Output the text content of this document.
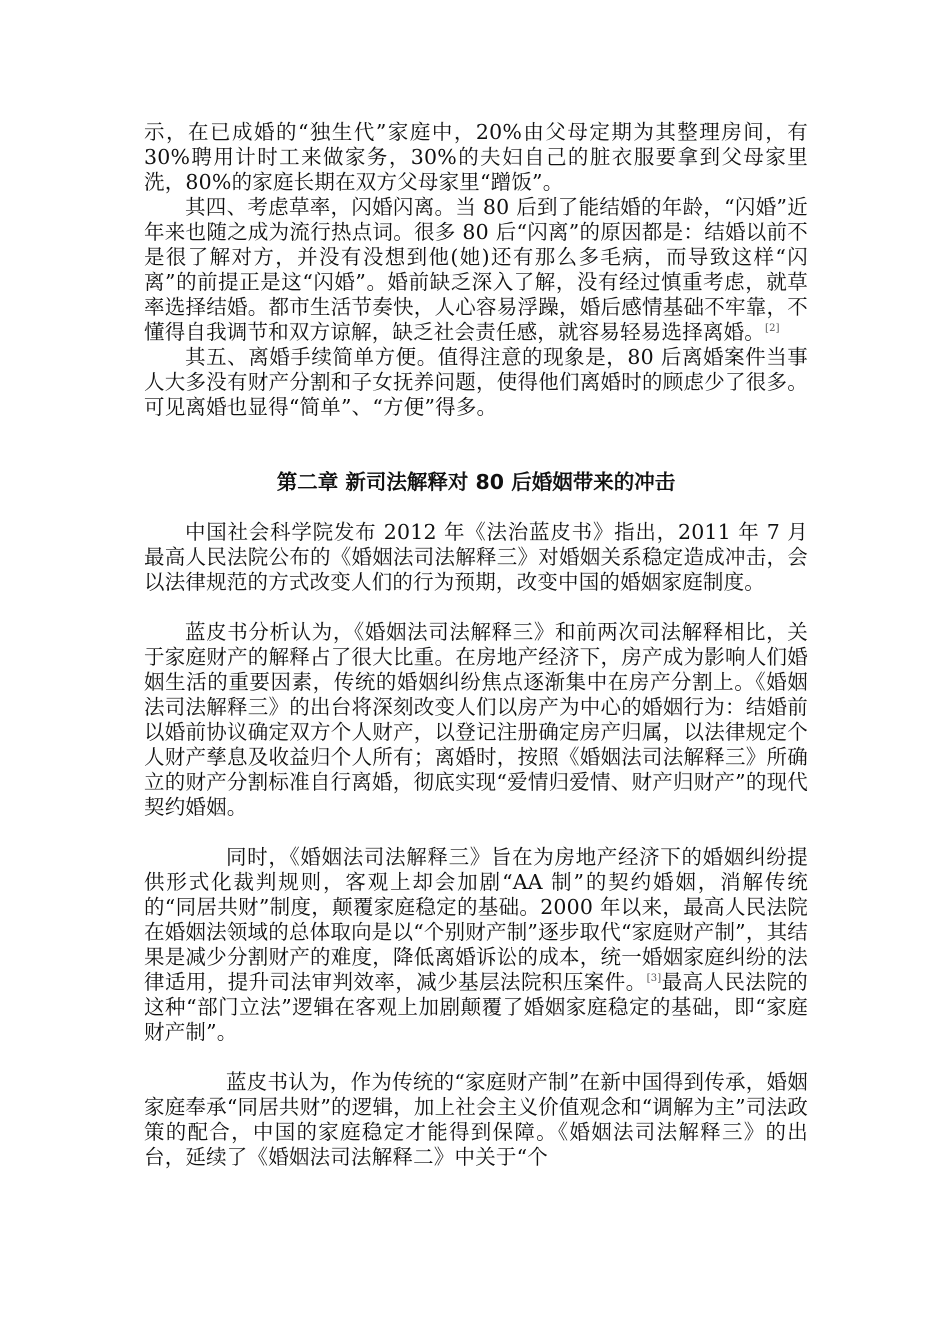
示，在已成婚的“独生代”家庭中，20%由父母定期为其整理房间，有 30%聘用计时工来做家务，30%的夫妇自己的脏衣服要拿到父母家里洗，80%的家庭长期在双方父母家里“蹭饭”。

其四、考虑草率，闪婚闪离。当 80 后到了能结婚的年龄，“闪婚”近年来也随之成为流行热点词。很多 80 后“闪离”的原因都是：结婚以前不是很了解对方，并没有没想到他(她)还有那么多毛病，而导致这样“闪离”的前提正是这“闪婚”。婚前缺乏深入了解，没有经过慎重考虑，就草率选择结婚。都市生活节奏快，人心容易浮躁，婚后感情基础不牢靠，不懂得自我调节和双方谅解，缺乏社会责任感，就容易轻易选择离婚。[2]

其五、离婚手续简单方便。值得注意的现象是，80 后离婚案件当事人大多没有财产分割和子女抚养问题，使得他们离婚时的顾虑少了很多。可见离婚也显得“简单”、“方便”得多。

第二章 新司法解释对 80 后婚姻带来的冲击

中国社会科学院发布 2012 年《法治蓝皮书》指出，2011 年 7 月最高人民法院公布的《婚姻法司法解释三》对婚姻关系稳定造成冲击，会以法律规范的方式改变人们的行为预期，改变中国的婚姻家庭制度。

蓝皮书分析认为，《婚姻法司法解释三》和前两次司法解释相比，关于家庭财产的解释占了很大比重。在房地产经济下，房产成为影响人们婚姻生活的重要因素，传统的婚姻纠纷焦点逐渐集中在房产分割上。《婚姻法司法解释三》的出台将深刻改变人们以房产为中心的婚姻行为：结婚前以婚前协议确定双方个人财产，以登记注册确定房产归属，以法律规定个人财产孳息及收益归个人所有；离婚时，按照《婚姻法司法解释三》所确立的财产分割标准自行离婚，彻底实现“爱情归爱情、财产归财产”的现代契约婚姻。

同时，《婚姻法司法解释三》旨在为房地产经济下的婚姻纠纷提供形式化裁判规则，客观上却会加剧“AA 制”的契约婚姻，消解传统的“同居共财”制度，颠覆家庭稳定的基础。2000 年以来，最高人民法院在婚姻法领域的总体取向是以“个别财产制”逐步取代“家庭财产制”，其结果是减少分割财产的难度，降低离婚诉讼的成本，统一婚姻家庭纠纷的法律适用，提升司法审判效率，减少基层法院积压案件。[3]最高人民法院的这种“部门立法”逻辑在客观上加剧颠覆了婚姻家庭稳定的基础，即“家庭财产制”。

蓝皮书认为，作为传统的“家庭财产制”在新中国得到传承，婚姻家庭奉承“同居共财”的逻辑，加上社会主义价值观念和“调解为主”司法政策的配合，中国的家庭稳定才能得到保障。《婚姻法司法解释三》的出台，延续了《婚姻法司法解释二》中关于“个
